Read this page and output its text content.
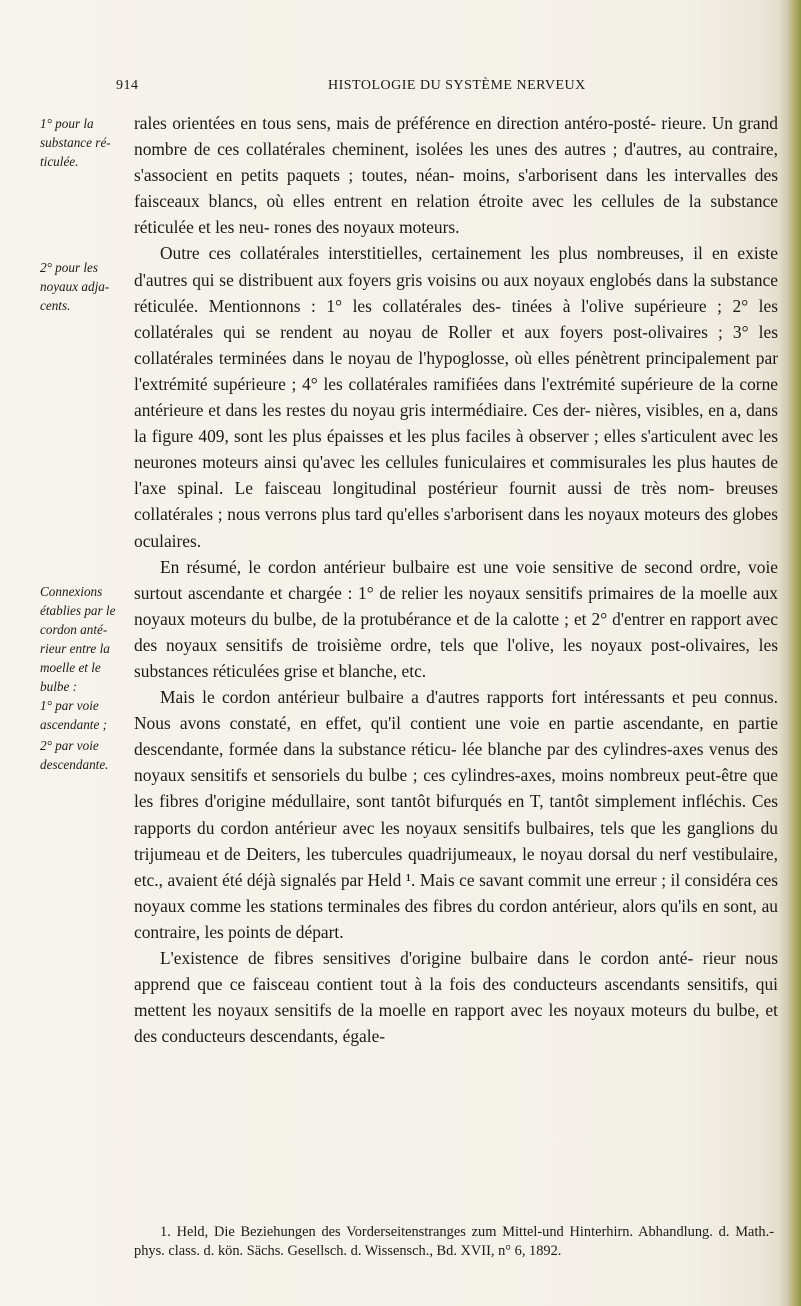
914	HISTOLOGIE DU SYSTÈME NERVEUX
1° pour la substance ré- ticulée.
2° pour les noyaux adja- cents.
Connexions établies par le cordon anté- rieur entre la moelle et le bulbe :
1° par voie ascendante ;
2° par voie descendante.

rales orientées en tous sens, mais de préférence en direction antéro-posté- rieure. Un grand nombre de ces collatérales cheminent, isolées les unes des autres ; d'autres, au contraire, s'associent en petits paquets ; toutes, néan- moins, s'arborisent dans les intervalles des faisceaux blancs, où elles entrent en relation étroite avec les cellules de la substance réticulée et les neu- rones des noyaux moteurs.

Outre ces collatérales interstitielles, certainement les plus nombreuses, il en existe d'autres qui se distribuent aux foyers gris voisins ou aux noyaux englobés dans la substance réticulée. Mentionnons : 1° les collatérales des- tinées à l'olive supérieure ; 2° les collatérales qui se rendent au noyau de Roller et aux foyers post-olivaires ; 3° les collatérales terminées dans le noyau de l'hypoglosse, où elles pénètrent principalement par l'extrémité supérieure ; 4° les collatérales ramifiées dans l'extrémité supérieure de la corne antérieure et dans les restes du noyau gris intermédiaire. Ces der- nières, visibles, en a, dans la figure 409, sont les plus épaisses et les plus faciles à observer ; elles s'articulent avec les neurones moteurs ainsi qu'avec les cellules funiculaires et commisurales les plus hautes de l'axe spinal. Le faisceau longitudinal postérieur fournit aussi de très nom- breuses collatérales ; nous verrons plus tard qu'elles s'arborisent dans les noyaux moteurs des globes oculaires.

En résumé, le cordon antérieur bulbaire est une voie sensitive de second ordre, voie surtout ascendante et chargée : 1° de relier les noyaux sensitifs primaires de la moelle aux noyaux moteurs du bulbe, de la protubérance et de la calotte ; et 2° d'entrer en rapport avec des noyaux sensitifs de troisième ordre, tels que l'olive, les noyaux post-olivaires, les substances réticulées grise et blanche, etc.

Mais le cordon antérieur bulbaire a d'autres rapports fort intéressants et peu connus. Nous avons constaté, en effet, qu'il contient une voie en partie ascendante, en partie descendante, formée dans la substance réticu- lée blanche par des cylindres-axes venus des noyaux sensitifs et sensoriels du bulbe ; ces cylindres-axes, moins nombreux peut-être que les fibres d'origine médullaire, sont tantôt bifurqués en T, tantôt simplement infléchis. Ces rapports du cordon antérieur avec les noyaux sensitifs bulbaires, tels que les ganglions du trijumeau et de Deiters, les tubercules quadrijumeaux, le noyau dorsal du nerf vestibulaire, etc., avaient été déjà signalés par Held ¹. Mais ce savant commit une erreur ; il considéra ces noyaux comme les stations terminales des fibres du cordon antérieur, alors qu'ils en sont, au contraire, les points de départ.

L'existence de fibres sensitives d'origine bulbaire dans le cordon anté- rieur nous apprend que ce faisceau contient tout à la fois des conducteurs ascendants sensitifs, qui mettent les noyaux sensitifs de la moelle en rapport avec les noyaux moteurs du bulbe, et des conducteurs descendants, égale-

1. Held, Die Beziehungen des Vorderseitenstranges zum Mittel-und Hinterhirn. Abhandlung. d. Math.-phys. class. d. kön. Sächs. Gesellsch. d. Wissensch., Bd. XVII, n° 6, 1892.
